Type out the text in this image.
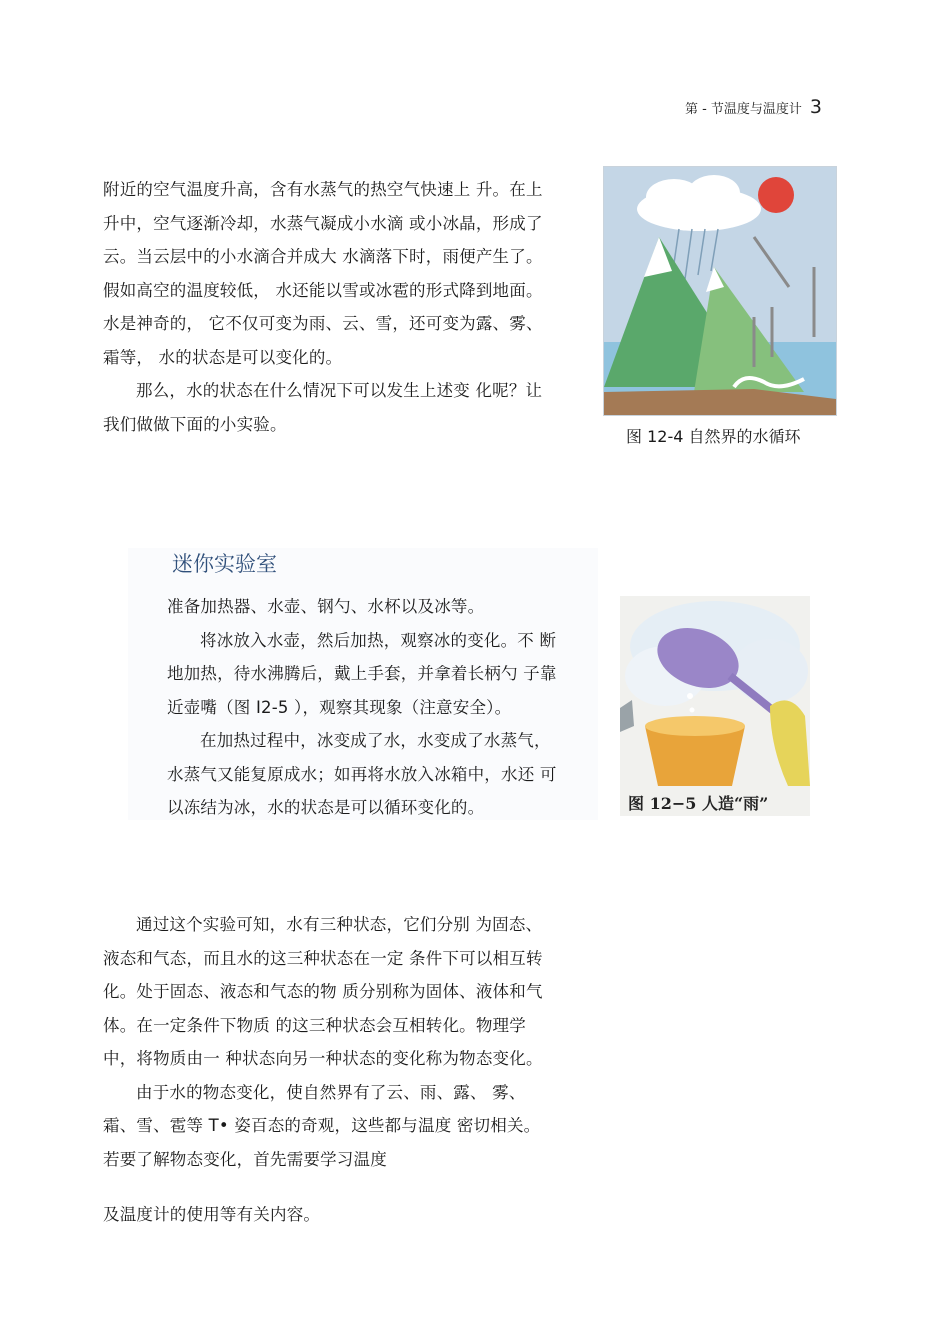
第 - 节温度与温度计 3

附近的空气温度升高，含有水蒸气的热空气快速上 升。在上

升中，空气逐渐冷却，水蒸气凝成小水滴 或小冰晶，形成了

云。当云层中的小水滴合并成大 水滴落下时，雨便产生了。

假如高空的温度较低， 水还能以雪或冰雹的形式降到地面。

水是神奇的， 它不仅可变为雨、云、雪，还可变为露、雾、

霜等， 水的状态是可以变化的。

那么，水的状态在什么情况下可以发生上述变 化呢？让

我们做做下面的小实验。

图 12-4 自然界的水循环
迷你实验室

准备加热器、水壶、钢勺、水杯以及冰等。

将冰放入水壶，然后加热，观察冰的变化。不 断

地加热，待水沸腾后，戴上手套，并拿着长柄勺 子靠

近壶嘴（图 I2-5 ），观察其现象（注意安全）。

在加热过程中，冰变成了水，水变成了水蒸气，

水蒸气又能复原成水；如再将水放入冰箱中，水还 可

以冻结为冰，水的状态是可以循环变化的。	图 12−5 人造“雨”

通过这个实验可知，水有三种状态，它们分别 为固态、

液态和气态，而且水的这三种状态在一定 条件下可以相互转

化。处于固态、液态和气态的物 质分别称为固体、液体和气

体。在一定条件下物质 的这三种状态会互相转化。物理学

中，将物质由一 种状态向另一种状态的变化称为物态变化。

由于水的物态变化，使自然界有了云、雨、露、 雾、

霜、雪、雹等 T• 姿百态的奇观，这些都与温度 密切相关。

若要了解物态变化，首先需要学习温度

及温度计的使用等有关内容。
